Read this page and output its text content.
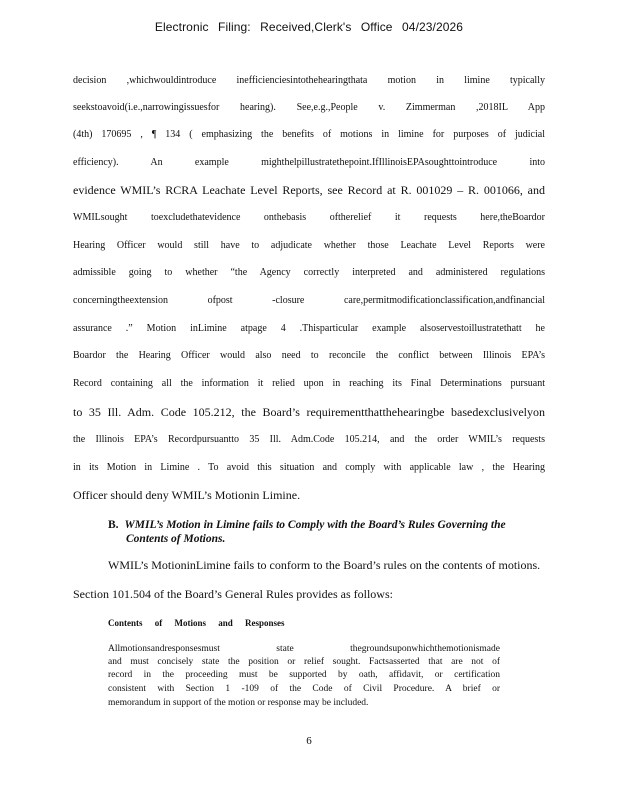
Electronic Filing: Received,Clerk's Office 04/23/2026
decision ,whichwouldintroduce inefficienciesintothehearingthata motion in limine typically
seekstoavoid(i.e.,narrowingissuesfor hearing). See,e.g.,People v. Zimmerman ,2018IL App
(4th) 170695 , ¶ 134 ( emphasizing the benefits of motions in limine for purposes of judicial
efficiency). An example mighthelpillustratethepoint.IfIllinoisEPAsoughttointroduce into
evidence WMIL’s RCRA Leachate Level Reports, see Record at R. 001029 – R. 001066, and
WMILsought toexcludethatevidence onthebasis oftherelief it requests here,theBoardor
Hearing Officer would still have to adjudicate whether those Leachate Level Reports were
admissible going to whether “the Agency correctly interpreted and administered regulations
concerningtheextension ofpost -closure care,permitmodificationclassification,andfinancial
assurance .” Motion inLimine atpage 4 .Thisparticular example alsoservestoillustratethatt he
Boardor the Hearing Officer would also need to reconcile the conflict between Illinois EPA’s
Record containing all the information it relied upon in reaching its Final Determinations pursuant
to 35 Ill. Adm. Code 105.212, the Board’s requirementthatthehearingbe basedexclusivelyon
the Illinois EPA’s Recordpursuantto 35 Ill. Adm.Code 105.214, and the order WMIL’s requests
in its Motion in Limine . To avoid this situation and comply with applicable law , the Hearing
Officer should deny WMIL’s Motionin Limine.
B. WMIL’s Motion in Limine fails to Comply with the Board’s Rules Governing the
Contents of Motions.
WMIL’s MotioninLimine fails to conform to the Board’s rules on the contents of motions.
Section 101.504 of the Board’s General Rules provides as follows:
Contents of Motions and Responses
Allmotionsandresponsesmust state thegroundsuponwhichthemotionismade
and must concisely state the position or relief sought. Factsasserted that are not of
record in the proceeding must be supported by oath, affidavit, or certification
consistent with Section 1 -109 of the Code of Civil Procedure. A brief or
memorandum in support of the motion or response may be included.
6
